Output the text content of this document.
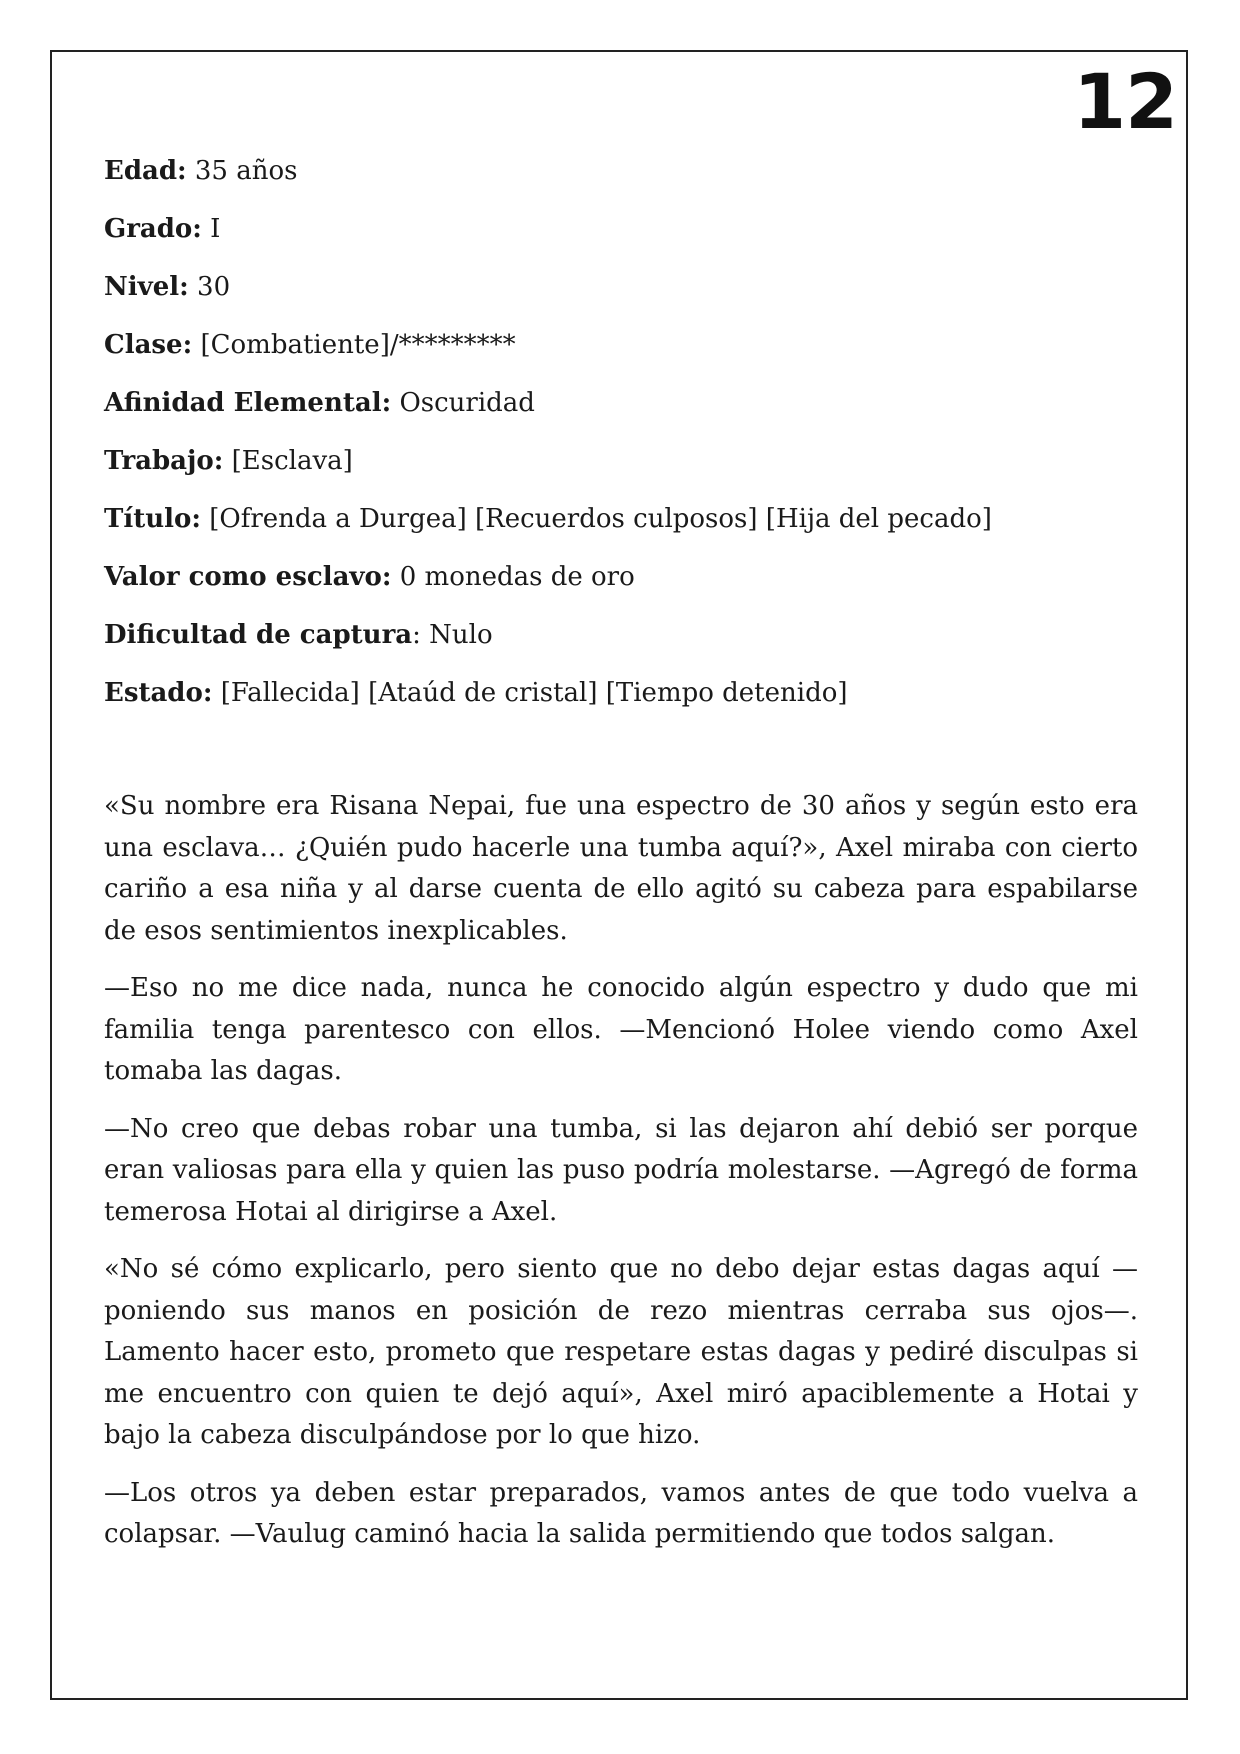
12
Edad: 35 años
Grado: I
Nivel: 30
Clase: [Combatiente]/*********
Afinidad Elemental: Oscuridad
Trabajo: [Esclava]
Título: [Ofrenda a Durgea] [Recuerdos culposos] [Hija del pecado]
Valor como esclavo: 0 monedas de oro
Dificultad de captura: Nulo
Estado: [Fallecida] [Ataúd de cristal] [Tiempo detenido]

«Su nombre era Risana Nepai, fue una espectro de 30 años y según esto era una esclava… ¿Quién pudo hacerle una tumba aquí?», Axel miraba con cierto cariño a esa niña y al darse cuenta de ello agitó su cabeza para espabilarse de esos sentimientos inexplicables.

—Eso no me dice nada, nunca he conocido algún espectro y dudo que mi familia tenga parentesco con ellos. —Mencionó Holee viendo como Axel tomaba las dagas.

—No creo que debas robar una tumba, si las dejaron ahí debió ser porque eran valiosas para ella y quien las puso podría molestarse. —Agregó de forma temerosa Hotai al dirigirse a Axel.

«No sé cómo explicarlo, pero siento que no debo dejar estas dagas aquí —poniendo sus manos en posición de rezo mientras cerraba sus ojos—. Lamento hacer esto, prometo que respetare estas dagas y pediré disculpas si me encuentro con quien te dejó aquí», Axel miró apaciblemente a Hotai y bajo la cabeza disculpándose por lo que hizo.

—Los otros ya deben estar preparados, vamos antes de que todo vuelva a colapsar. —Vaulug caminó hacia la salida permitiendo que todos salgan.
